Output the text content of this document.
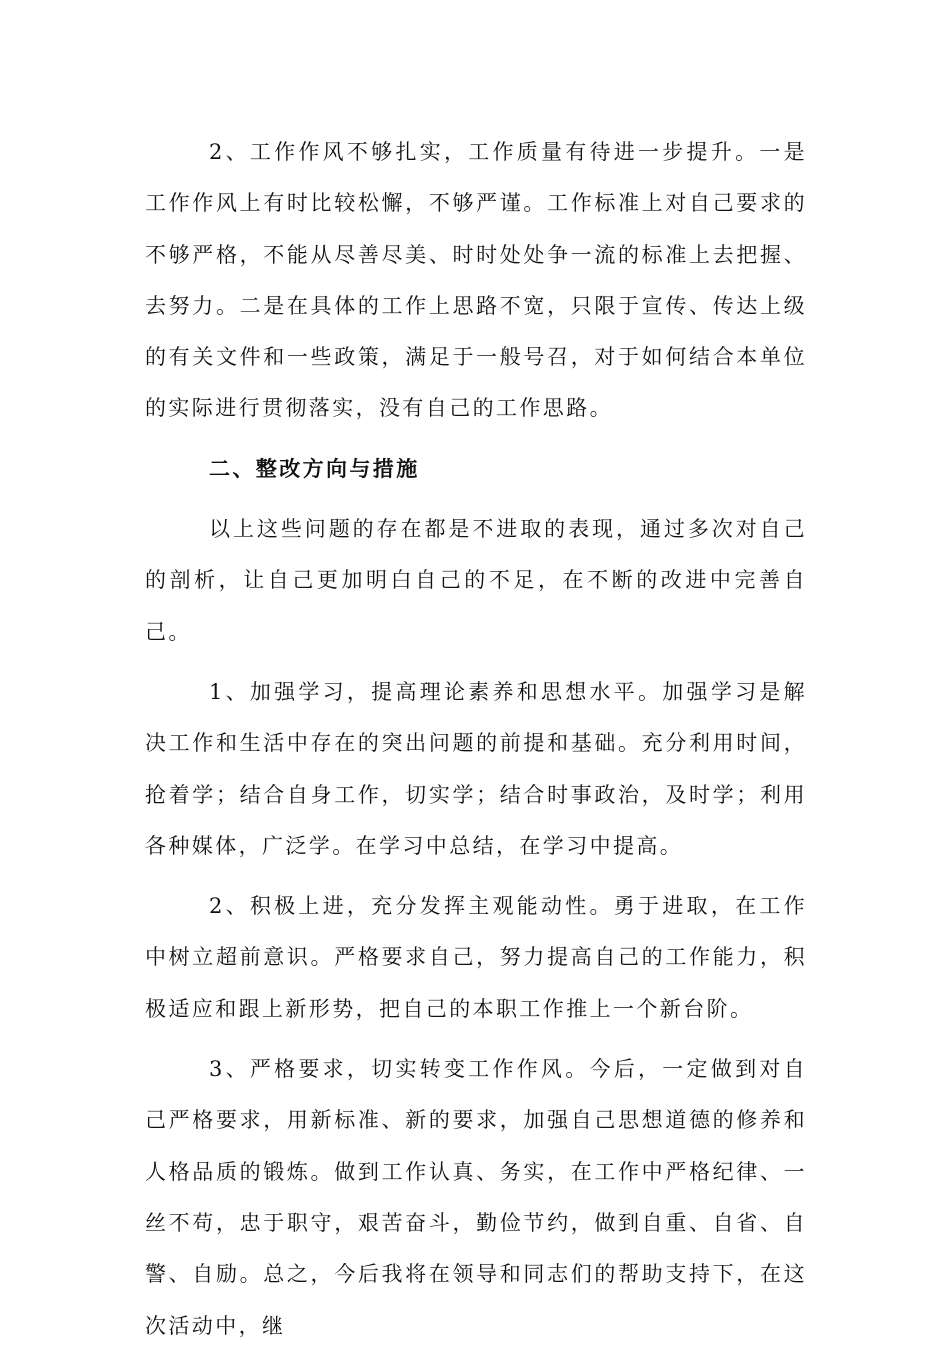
2、工作作风不够扎实，工作质量有待进一步提升。一是工作作风上有时比较松懈，不够严谨。工作标准上对自己要求的不够严格，不能从尽善尽美、时时处处争一流的标准上去把握、去努力。二是在具体的工作上思路不宽，只限于宣传、传达上级的有关文件和一些政策，满足于一般号召，对于如何结合本单位的实际进行贯彻落实，没有自己的工作思路。

二、整改方向与措施

以上这些问题的存在都是不进取的表现，通过多次对自己的剖析，让自己更加明白自己的不足，在不断的改进中完善自己。

1、加强学习，提高理论素养和思想水平。加强学习是解决工作和生活中存在的突出问题的前提和基础。充分利用时间，抢着学；结合自身工作，切实学；结合时事政治，及时学；利用各种媒体，广泛学。在学习中总结，在学习中提高。

2、积极上进，充分发挥主观能动性。勇于进取，在工作中树立超前意识。严格要求自己，努力提高自己的工作能力，积极适应和跟上新形势，把自己的本职工作推上一个新台阶。

3、严格要求，切实转变工作作风。今后，一定做到对自己严格要求，用新标准、新的要求，加强自己思想道德的修养和人格品质的锻炼。做到工作认真、务实，在工作中严格纪律、一丝不苟，忠于职守，艰苦奋斗，勤俭节约，做到自重、自省、自警、自励。总之，今后我将在领导和同志们的帮助支持下，在这次活动中，继
